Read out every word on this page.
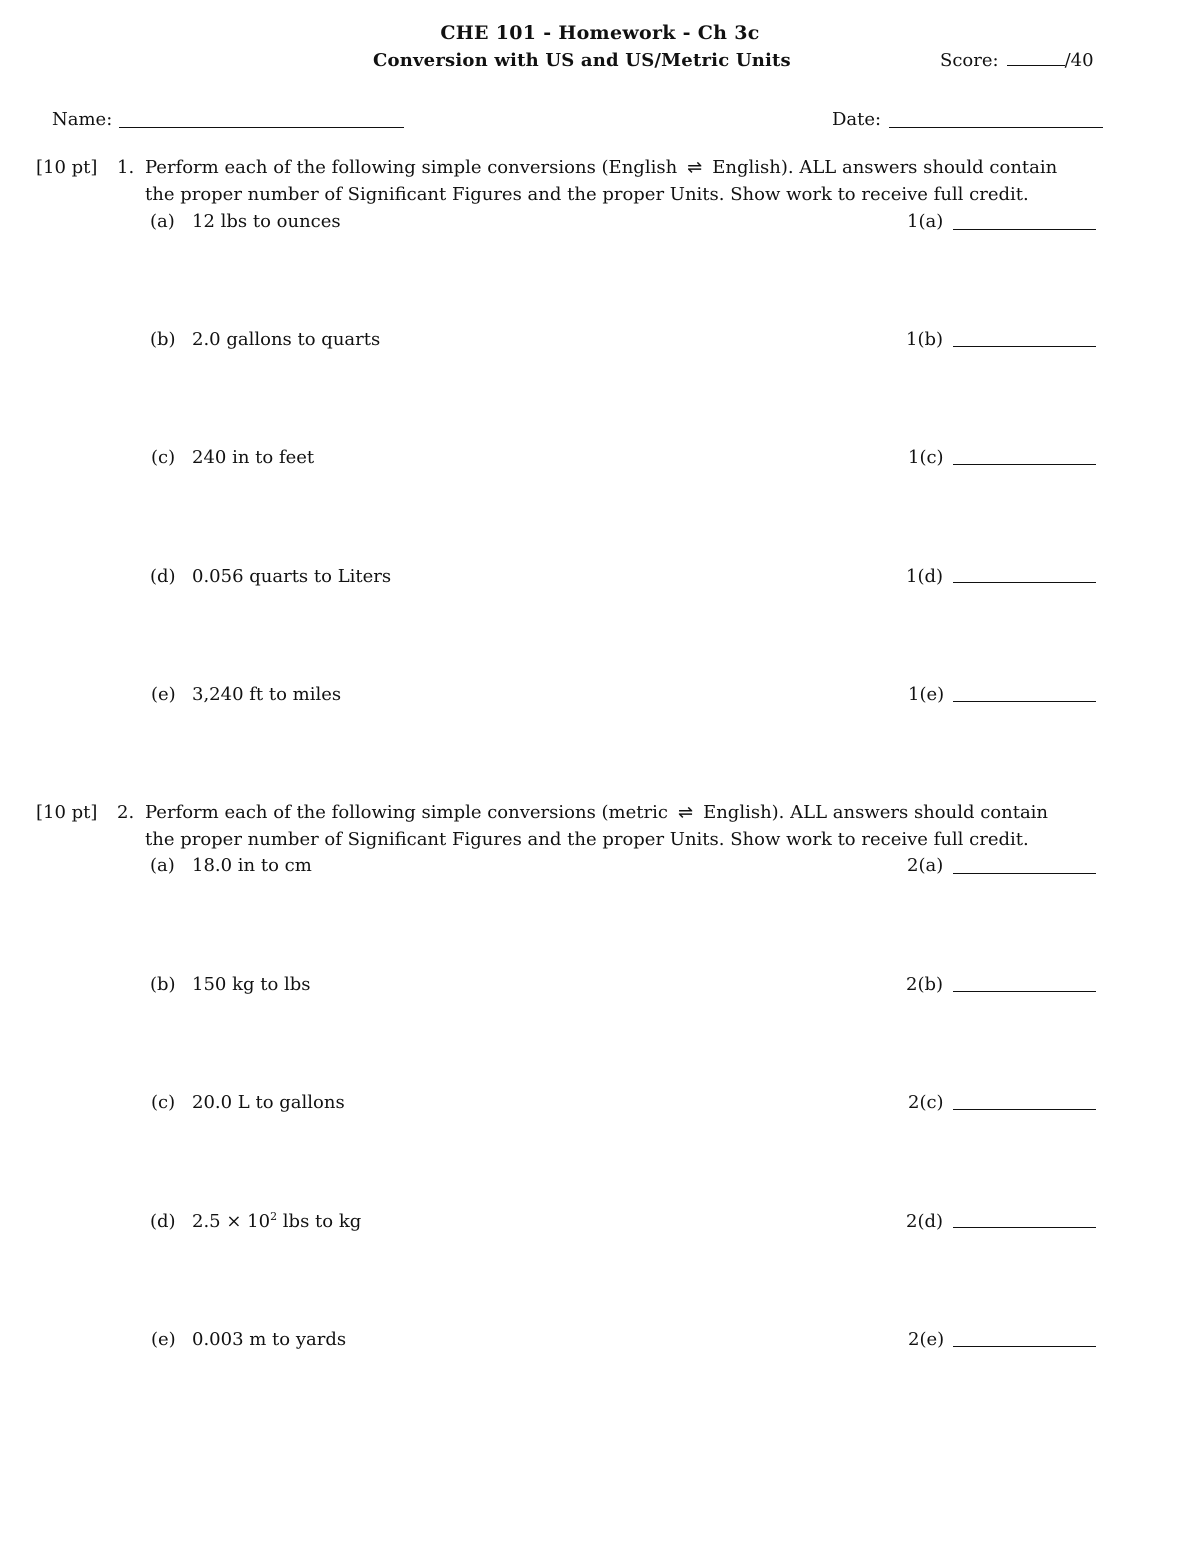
CHE 101 - Homework - Ch 3c
Conversion with US and US/Metric Units	Score:	/40
Name:	Date:
[10 pt] 1. Perform each of the following simple conversions (English ⇌ English). ALL answers should contain
the proper number of Significant Figures and the proper Units. Show work to receive full credit.
(a) 12 lbs to ounces	1(a)
(b) 2.0 gallons to quarts	1(b)
(c) 240 in to feet	1(c)
(d) 0.056 quarts to Liters	1(d)
(e) 3,240 ft to miles	1(e)
[10 pt] 2. Perform each of the following simple conversions (metric ⇌ English). ALL answers should contain
the proper number of Significant Figures and the proper Units. Show work to receive full credit.
(a) 18.0 in to cm	2(a)
(b) 150 kg to lbs	2(b)
(c) 20.0 L to gallons	2(c)
(d) $2.5 \times 10^2$ lbs to kg	2(d)
(e) 0.003 m to yards	2(e)
